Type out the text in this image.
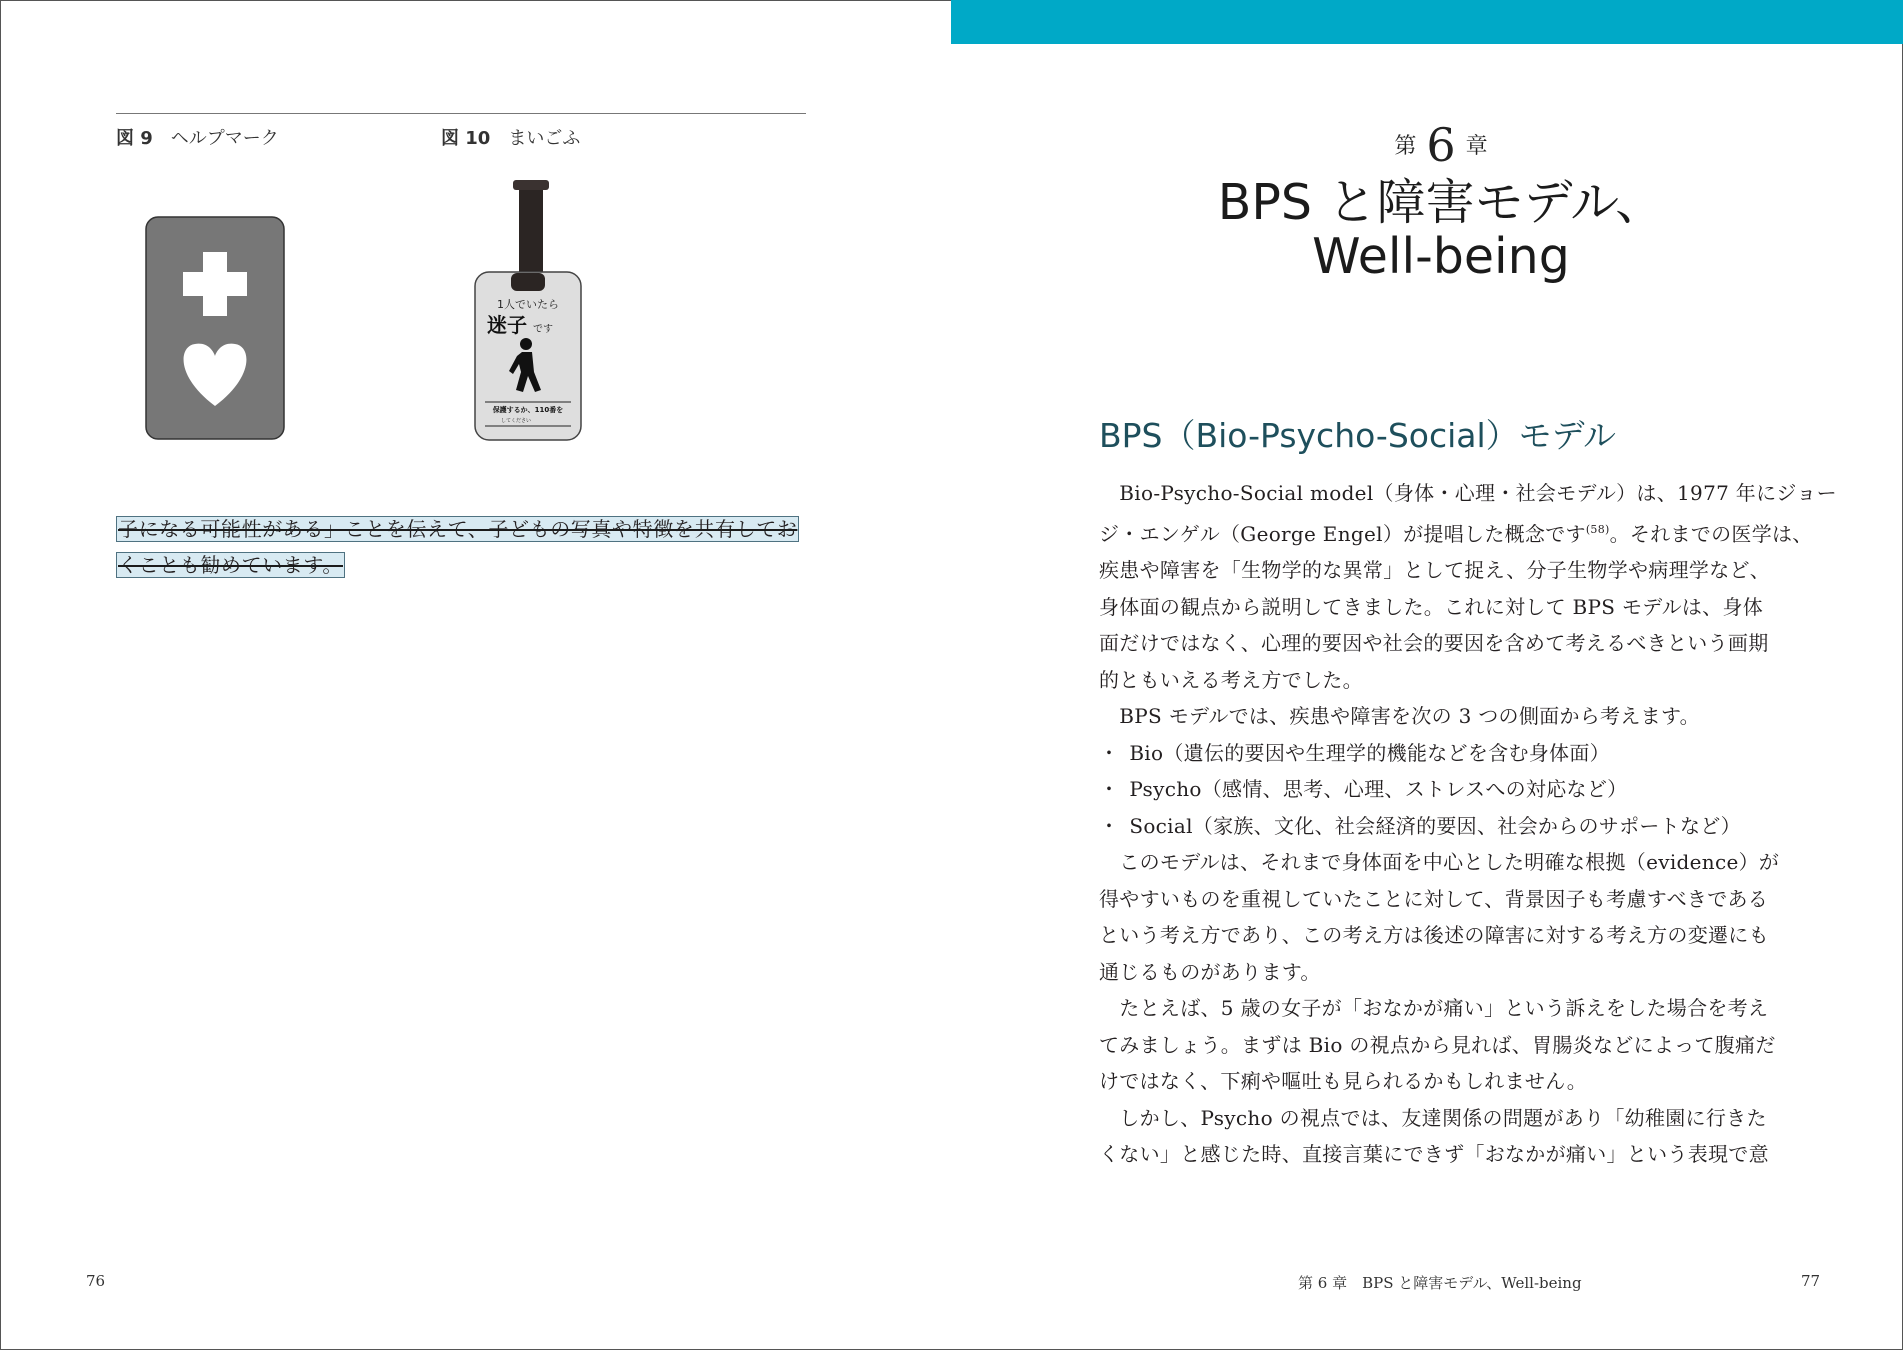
図 9 ヘルプマーク	図 10 まいごふ
1人でいたら
迷子 です
保護するか、110番を
してください
子になる可能性がある」ことを伝えて、子どもの写真や特徴を共有してお
くことも勧めています。
76
第 6 章
BPS と障害モデル、
Well-being
BPS（Bio-Psycho-Social）モデル
　Bio-Psycho-Social model（身体・心理・社会モデル）は、1977 年にジョー
ジ・エンゲル（George Engel）が提唱した概念です$^{(58)}$。それまでの医学は、
疾患や障害を「生物学的な異常」として捉え、分子生物学や病理学など、
身体面の観点から説明してきました。これに対して BPS モデルは、身体
面だけではなく、心理的要因や社会的要因を含めて考えるべきという画期
的ともいえる考え方でした。
　BPS モデルでは、疾患や障害を次の 3 つの側面から考えます。
・ Bio（遺伝的要因や生理学的機能などを含む身体面）
・ Psycho（感情、思考、心理、ストレスへの対応など）
・ Social（家族、文化、社会経済的要因、社会からのサポートなど）
　このモデルは、それまで身体面を中心とした明確な根拠（evidence）が
得やすいものを重視していたことに対して、背景因子も考慮すべきである
という考え方であり、この考え方は後述の障害に対する考え方の変遷にも
通じるものがあります。
　たとえば、5 歳の女子が「おなかが痛い」という訴えをした場合を考え
てみましょう。まずは Bio の視点から見れば、胃腸炎などによって腹痛だ
けではなく、下痢や嘔吐も見られるかもしれません。
　しかし、Psycho の視点では、友達関係の問題があり「幼稚園に行きた
くない」と感じた時、直接言葉にできず「おなかが痛い」という表現で意
第 6 章　BPS と障害モデル、Well-being	77
